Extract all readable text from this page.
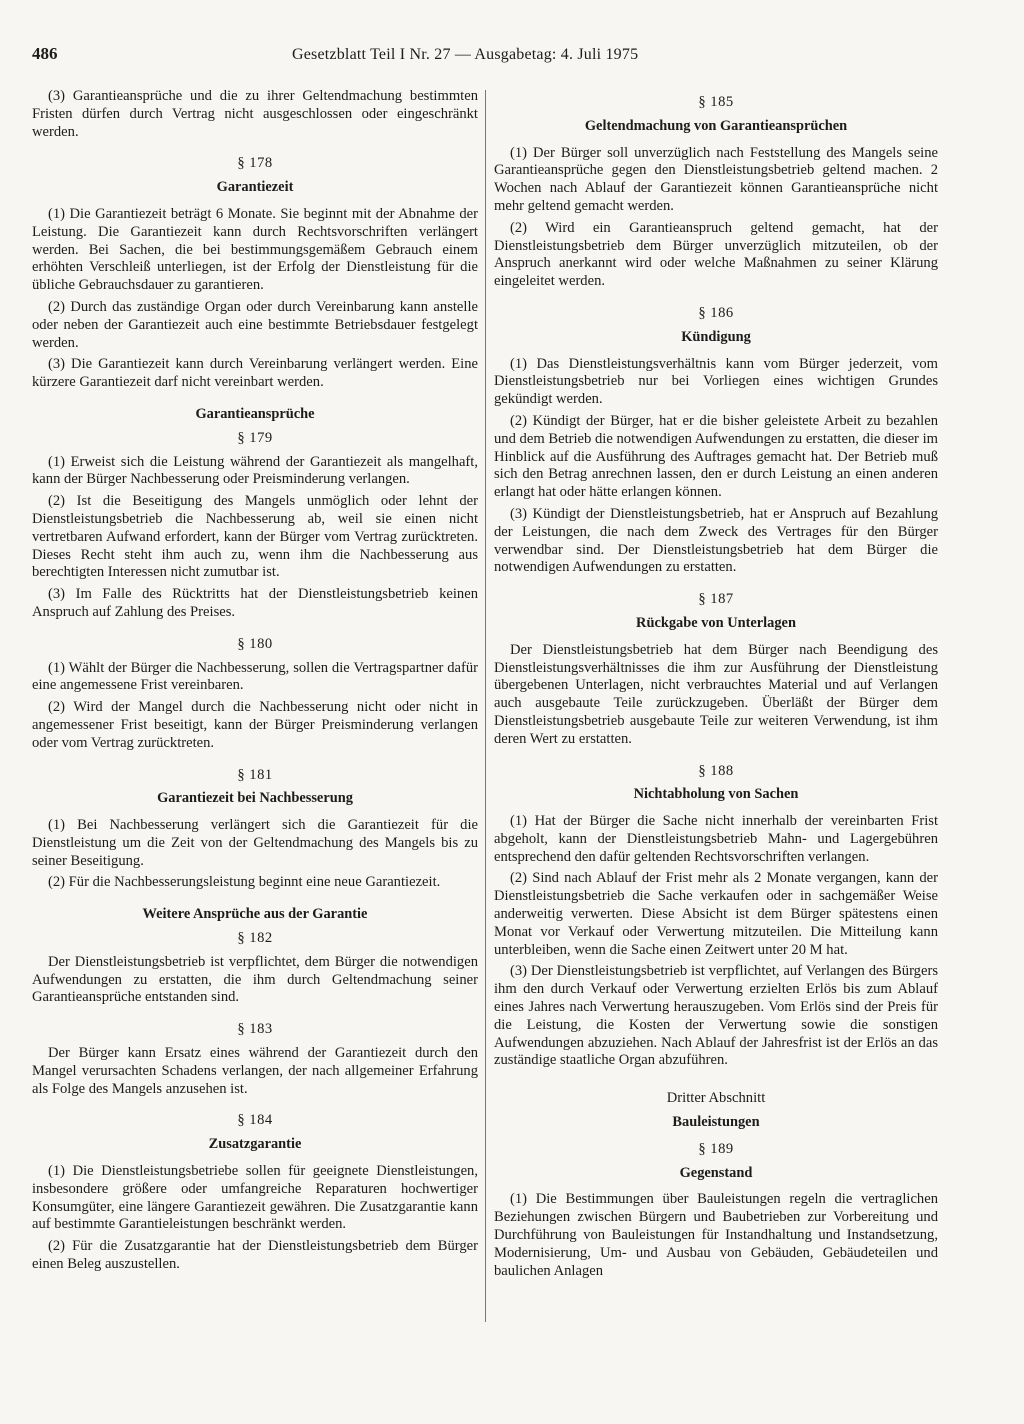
486	Gesetzblatt Teil I Nr. 27 — Ausgabetag: 4. Juli 1975

(3) Garantieansprüche und die zu ihrer Geltendmachung bestimmten Fristen dürfen durch Vertrag nicht ausgeschlossen oder eingeschränkt werden.

§ 178
Garantiezeit

(1) Die Garantiezeit beträgt 6 Monate. Sie beginnt mit der Abnahme der Leistung. Die Garantiezeit kann durch Rechtsvorschriften verlängert werden. Bei Sachen, die bei bestimmungsgemäßem Gebrauch einem erhöhten Verschleiß unterliegen, ist der Erfolg der Dienstleistung für die übliche Gebrauchsdauer zu garantieren.

(2) Durch das zuständige Organ oder durch Vereinbarung kann anstelle oder neben der Garantiezeit auch eine bestimmte Betriebsdauer festgelegt werden.

(3) Die Garantiezeit kann durch Vereinbarung verlängert werden. Eine kürzere Garantiezeit darf nicht vereinbart werden.

Garantieansprüche
§ 179

(1) Erweist sich die Leistung während der Garantiezeit als mangelhaft, kann der Bürger Nachbesserung oder Preisminderung verlangen.

(2) Ist die Beseitigung des Mangels unmöglich oder lehnt der Dienstleistungsbetrieb die Nachbesserung ab, weil sie einen nicht vertretbaren Aufwand erfordert, kann der Bürger vom Vertrag zurücktreten. Dieses Recht steht ihm auch zu, wenn ihm die Nachbesserung aus berechtigten Interessen nicht zumutbar ist.

(3) Im Falle des Rücktritts hat der Dienstleistungsbetrieb keinen Anspruch auf Zahlung des Preises.

§ 180

(1) Wählt der Bürger die Nachbesserung, sollen die Vertragspartner dafür eine angemessene Frist vereinbaren.

(2) Wird der Mangel durch die Nachbesserung nicht oder nicht in angemessener Frist beseitigt, kann der Bürger Preisminderung verlangen oder vom Vertrag zurücktreten.

§ 181
Garantiezeit bei Nachbesserung

(1) Bei Nachbesserung verlängert sich die Garantiezeit für die Dienstleistung um die Zeit von der Geltendmachung des Mangels bis zu seiner Beseitigung.

(2) Für die Nachbesserungsleistung beginnt eine neue Garantiezeit.

Weitere Ansprüche aus der Garantie
§ 182

Der Dienstleistungsbetrieb ist verpflichtet, dem Bürger die notwendigen Aufwendungen zu erstatten, die ihm durch Geltendmachung seiner Garantieansprüche entstanden sind.

§ 183

Der Bürger kann Ersatz eines während der Garantiezeit durch den Mangel verursachten Schadens verlangen, der nach allgemeiner Erfahrung als Folge des Mangels anzusehen ist.

§ 184
Zusatzgarantie

(1) Die Dienstleistungsbetriebe sollen für geeignete Dienstleistungen, insbesondere größere oder umfangreiche Reparaturen hochwertiger Konsumgüter, eine längere Garantiezeit gewähren. Die Zusatzgarantie kann auf bestimmte Garantieleistungen beschränkt werden.

(2) Für die Zusatzgarantie hat der Dienstleistungsbetrieb dem Bürger einen Beleg auszustellen.

§ 185
Geltendmachung von Garantieansprüchen

(1) Der Bürger soll unverzüglich nach Feststellung des Mangels seine Garantieansprüche gegen den Dienstleistungsbetrieb geltend machen. 2 Wochen nach Ablauf der Garantiezeit können Garantieansprüche nicht mehr geltend gemacht werden.

(2) Wird ein Garantieanspruch geltend gemacht, hat der Dienstleistungsbetrieb dem Bürger unverzüglich mitzuteilen, ob der Anspruch anerkannt wird oder welche Maßnahmen zu seiner Klärung eingeleitet werden.

§ 186
Kündigung

(1) Das Dienstleistungsverhältnis kann vom Bürger jederzeit, vom Dienstleistungsbetrieb nur bei Vorliegen eines wichtigen Grundes gekündigt werden.

(2) Kündigt der Bürger, hat er die bisher geleistete Arbeit zu bezahlen und dem Betrieb die notwendigen Aufwendungen zu erstatten, die dieser im Hinblick auf die Ausführung des Auftrages gemacht hat. Der Betrieb muß sich den Betrag anrechnen lassen, den er durch Leistung an einen anderen erlangt hat oder hätte erlangen können.

(3) Kündigt der Dienstleistungsbetrieb, hat er Anspruch auf Bezahlung der Leistungen, die nach dem Zweck des Vertrages für den Bürger verwendbar sind. Der Dienstleistungsbetrieb hat dem Bürger die notwendigen Aufwendungen zu erstatten.

§ 187
Rückgabe von Unterlagen

Der Dienstleistungsbetrieb hat dem Bürger nach Beendigung des Dienstleistungsverhältnisses die ihm zur Ausführung der Dienstleistung übergebenen Unterlagen, nicht verbrauchtes Material und auf Verlangen auch ausgebaute Teile zurückzugeben. Überläßt der Bürger dem Dienstleistungsbetrieb ausgebaute Teile zur weiteren Verwendung, ist ihm deren Wert zu erstatten.

§ 188
Nichtabholung von Sachen

(1) Hat der Bürger die Sache nicht innerhalb der vereinbarten Frist abgeholt, kann der Dienstleistungsbetrieb Mahn- und Lagergebühren entsprechend den dafür geltenden Rechtsvorschriften verlangen.

(2) Sind nach Ablauf der Frist mehr als 2 Monate vergangen, kann der Dienstleistungsbetrieb die Sache verkaufen oder in sachgemäßer Weise anderweitig verwerten. Diese Absicht ist dem Bürger spätestens einen Monat vor Verkauf oder Verwertung mitzuteilen. Die Mitteilung kann unterbleiben, wenn die Sache einen Zeitwert unter 20 M hat.

(3) Der Dienstleistungsbetrieb ist verpflichtet, auf Verlangen des Bürgers ihm den durch Verkauf oder Verwertung erzielten Erlös bis zum Ablauf eines Jahres nach Verwertung herauszugeben. Vom Erlös sind der Preis für die Leistung, die Kosten der Verwertung sowie die sonstigen Aufwendungen abzuziehen. Nach Ablauf der Jahresfrist ist der Erlös an das zuständige staatliche Organ abzuführen.

Dritter Abschnitt
Bauleistungen
§ 189
Gegenstand

(1) Die Bestimmungen über Bauleistungen regeln die vertraglichen Beziehungen zwischen Bürgern und Baubetrieben zur Vorbereitung und Durchführung von Bauleistungen für Instandhaltung und Instandsetzung, Modernisierung, Um- und Ausbau von Gebäuden, Gebäudeteilen und baulichen Anlagen
